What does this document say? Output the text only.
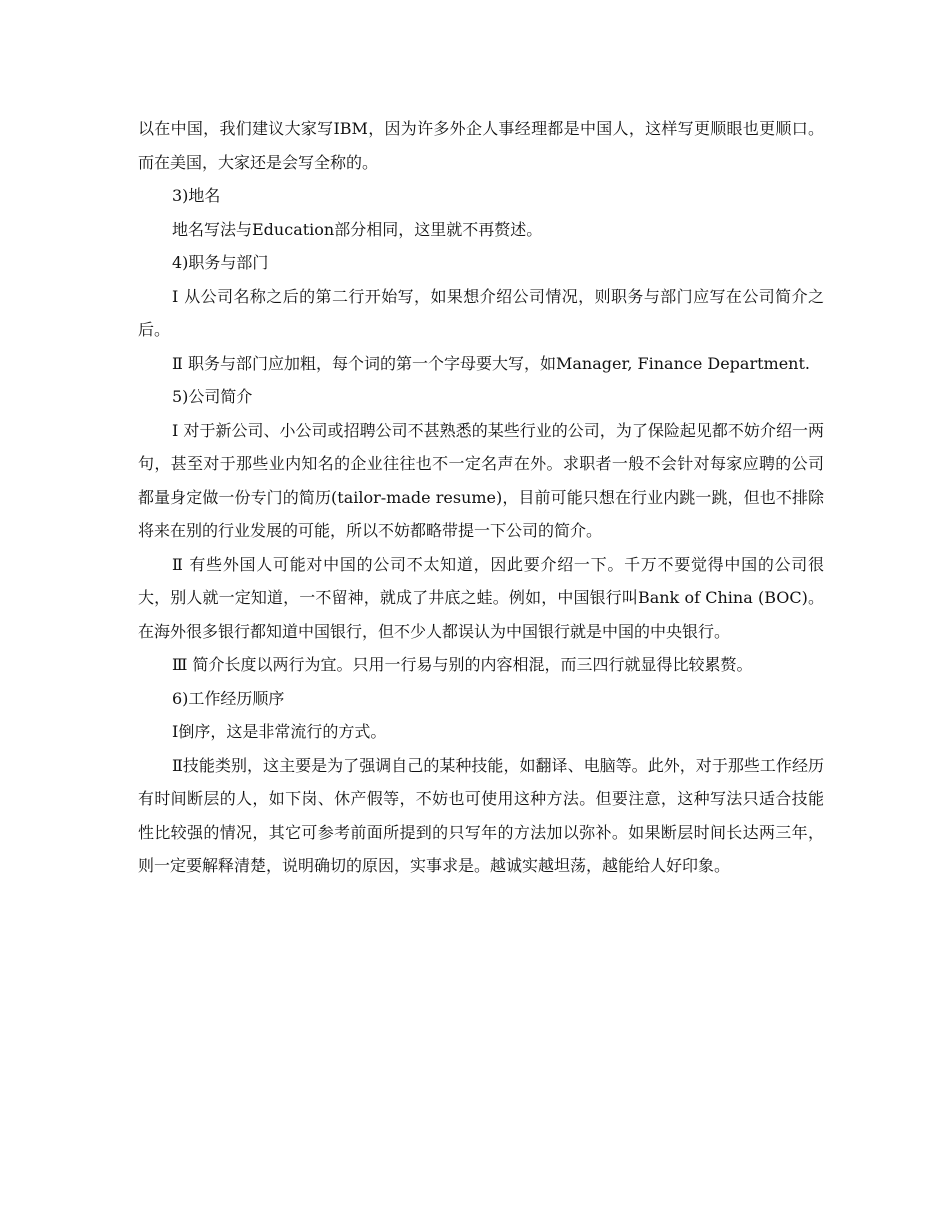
以在中国，我们建议大家写IBM，因为许多外企人事经理都是中国人，这样写更顺眼也更顺口。而在美国，大家还是会写全称的。

3)地名

地名写法与Education部分相同，这里就不再赘述。

4)职务与部门

Ⅰ 从公司名称之后的第二行开始写，如果想介绍公司情况，则职务与部门应写在公司简介之后。

Ⅱ 职务与部门应加粗，每个词的第一个字母要大写，如Manager, Finance Department.

5)公司简介

Ⅰ 对于新公司、小公司或招聘公司不甚熟悉的某些行业的公司，为了保险起见都不妨介绍一两句，甚至对于那些业内知名的企业往往也不一定名声在外。求职者一般不会针对每家应聘的公司都量身定做一份专门的简历(tailor-made resume)，目前可能只想在行业内跳一跳，但也不排除将来在别的行业发展的可能，所以不妨都略带提一下公司的简介。

Ⅱ 有些外国人可能对中国的公司不太知道，因此要介绍一下。千万不要觉得中国的公司很大，别人就一定知道，一不留神，就成了井底之蛙。例如，中国银行叫Bank of China (BOC)。在海外很多银行都知道中国银行，但不少人都误认为中国银行就是中国的中央银行。

Ⅲ 简介长度以两行为宜。只用一行易与别的内容相混，而三四行就显得比较累赘。

6)工作经历顺序

Ⅰ倒序，这是非常流行的方式。

Ⅱ技能类别，这主要是为了强调自己的某种技能，如翻译、电脑等。此外，对于那些工作经历有时间断层的人，如下岗、休产假等，不妨也可使用这种方法。但要注意，这种写法只适合技能性比较强的情况，其它可参考前面所提到的只写年的方法加以弥补。如果断层时间长达两三年，则一定要解释清楚，说明确切的原因，实事求是。越诚实越坦荡，越能给人好印象。
